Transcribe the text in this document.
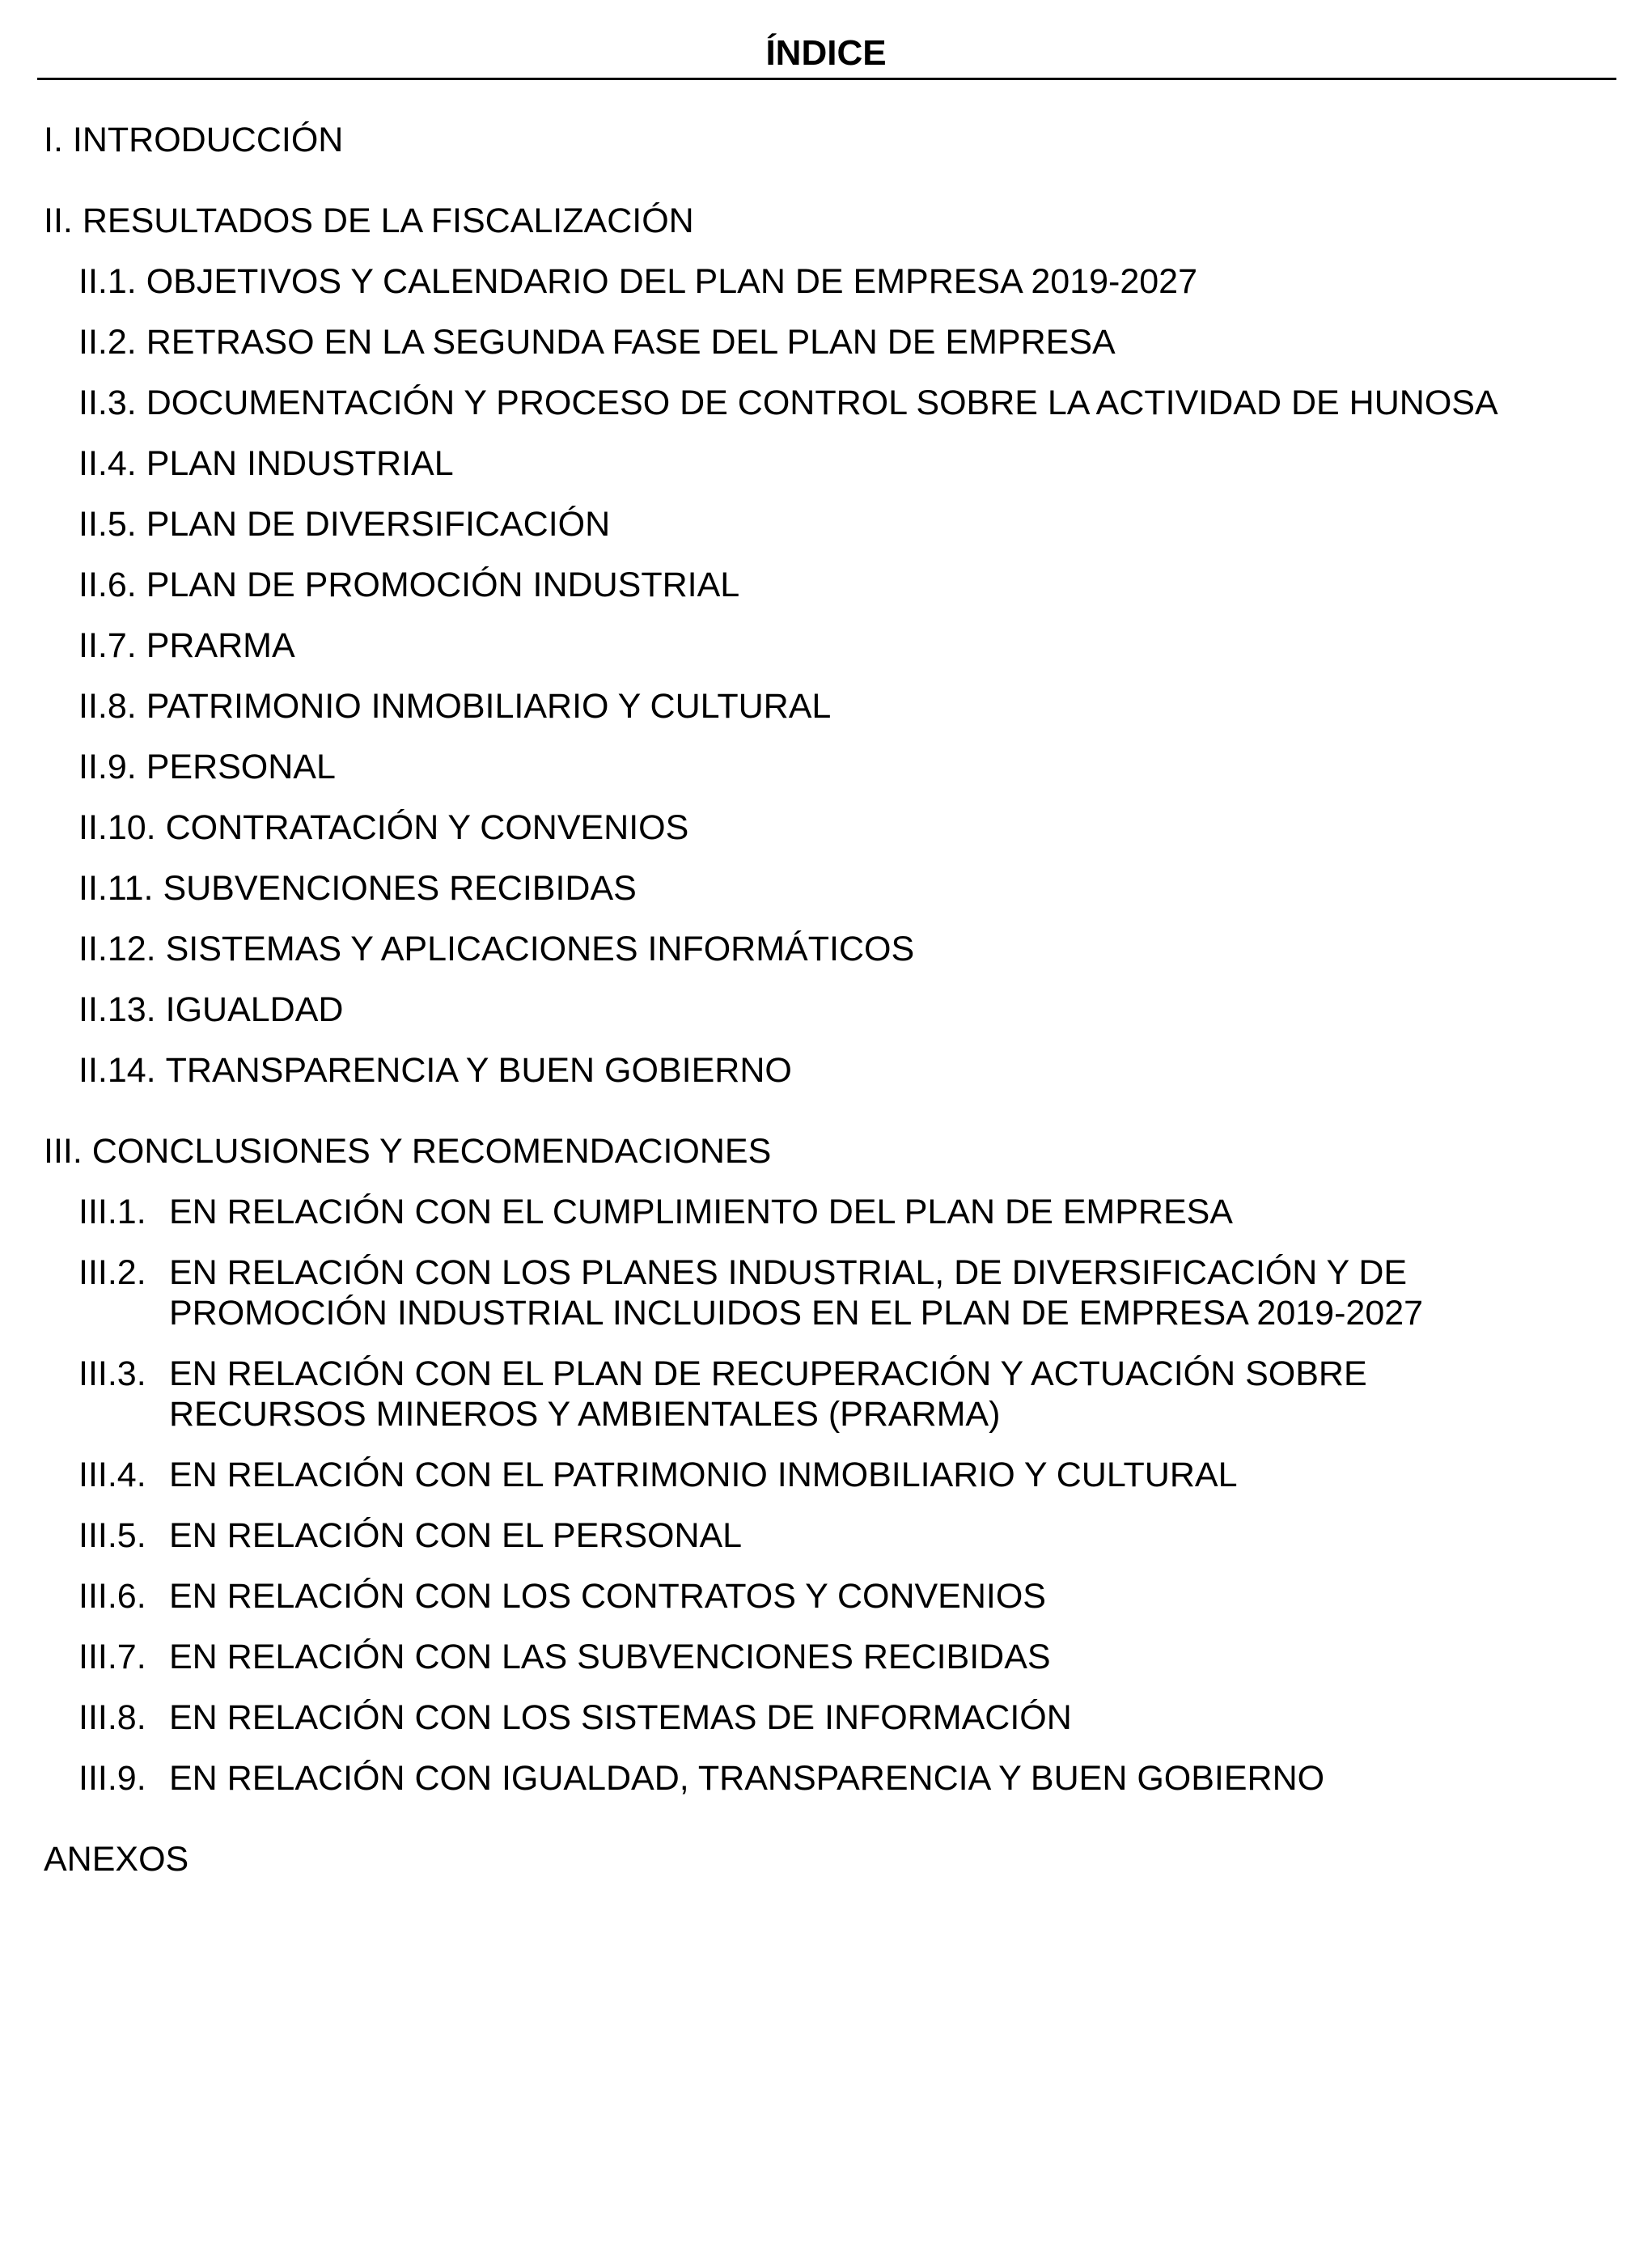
ÍNDICE
I. INTRODUCCIÓN
II. RESULTADOS DE LA FISCALIZACIÓN
II.1. OBJETIVOS Y CALENDARIO DEL PLAN DE EMPRESA 2019-2027
II.2. RETRASO EN LA SEGUNDA FASE DEL PLAN DE EMPRESA
II.3. DOCUMENTACIÓN Y PROCESO DE CONTROL SOBRE LA ACTIVIDAD DE HUNOSA
II.4. PLAN INDUSTRIAL
II.5. PLAN DE DIVERSIFICACIÓN
II.6. PLAN DE PROMOCIÓN INDUSTRIAL
II.7. PRARMA
II.8. PATRIMONIO INMOBILIARIO Y CULTURAL
II.9. PERSONAL
II.10. CONTRATACIÓN Y CONVENIOS
II.11. SUBVENCIONES RECIBIDAS
II.12. SISTEMAS Y APLICACIONES INFORMÁTICOS
II.13. IGUALDAD
II.14. TRANSPARENCIA Y BUEN GOBIERNO
III. CONCLUSIONES Y RECOMENDACIONES
III.1. EN RELACIÓN CON EL CUMPLIMIENTO DEL PLAN DE EMPRESA
III.2. EN RELACIÓN CON LOS PLANES INDUSTRIAL, DE DIVERSIFICACIÓN Y DE
PROMOCIÓN INDUSTRIAL INCLUIDOS EN EL PLAN DE EMPRESA 2019-2027
III.3. EN RELACIÓN CON EL PLAN DE RECUPERACIÓN Y ACTUACIÓN SOBRE
RECURSOS MINEROS Y AMBIENTALES (PRARMA)
III.4. EN RELACIÓN CON EL PATRIMONIO INMOBILIARIO Y CULTURAL
III.5. EN RELACIÓN CON EL PERSONAL
III.6. EN RELACIÓN CON LOS CONTRATOS Y CONVENIOS
III.7. EN RELACIÓN CON LAS SUBVENCIONES RECIBIDAS
III.8. EN RELACIÓN CON LOS SISTEMAS DE INFORMACIÓN
III.9. EN RELACIÓN CON IGUALDAD, TRANSPARENCIA Y BUEN GOBIERNO
ANEXOS
